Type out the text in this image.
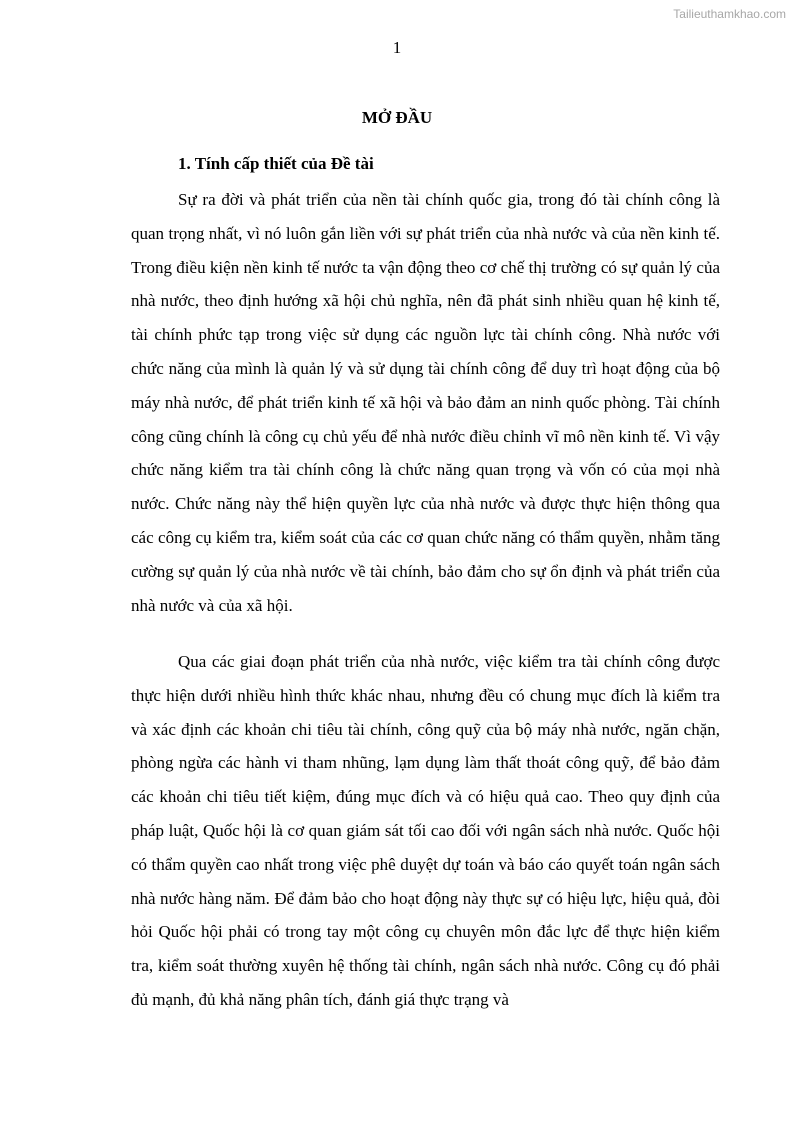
Tailieuthamkhao.com
1
MỞ ĐẦU
1. Tính cấp thiết của Đề tài

Sự ra đời và phát triển của nền tài chính quốc gia, trong đó tài chính công là quan trọng nhất, vì nó luôn gắn liền với sự phát triển của nhà nước và của nền kinh tế. Trong điều kiện nền kinh tế nước ta vận động theo cơ chế thị trường có sự quản lý của nhà nước, theo định hướng xã hội chủ nghĩa, nên đã phát sinh nhiều quan hệ kinh tế, tài chính phức tạp trong việc sử dụng các nguồn lực tài chính công. Nhà nước với chức năng của mình là quản lý và sử dụng tài chính công để duy trì hoạt động của bộ máy nhà nước, để phát triển kinh tế xã hội và bảo đảm an ninh quốc phòng. Tài chính công cũng chính là công cụ chủ yếu để nhà nước điều chỉnh vĩ mô nền kinh tế. Vì vậy chức năng kiểm tra tài chính công là chức năng quan trọng và vốn có của mọi nhà nước. Chức năng này thể hiện quyền lực của nhà nước và được thực hiện thông qua các công cụ kiểm tra, kiểm soát của các cơ quan chức năng có thẩm quyền, nhằm tăng cường sự quản lý của nhà nước về tài chính, bảo đảm cho sự ổn định và phát triển của nhà nước và của xã hội.

Qua các giai đoạn phát triển của nhà nước, việc kiểm tra tài chính công được thực hiện dưới nhiều hình thức khác nhau, nhưng đều có chung mục đích là kiểm tra và xác định các khoản chi tiêu tài chính, công quỹ của bộ máy nhà nước, ngăn chặn, phòng ngừa các hành vi tham nhũng, lạm dụng làm thất thoát công quỹ, để bảo đảm các khoản chi tiêu tiết kiệm, đúng mục đích và có hiệu quả cao. Theo quy định của pháp luật, Quốc hội là cơ quan giám sát tối cao đối với ngân sách nhà nước. Quốc hội có thẩm quyền cao nhất trong việc phê duyệt dự toán và báo cáo quyết toán ngân sách nhà nước hàng năm. Để đảm bảo cho hoạt động này thực sự có hiệu lực, hiệu quả, đòi hỏi Quốc hội phải có trong tay một công cụ chuyên môn đắc lực để thực hiện kiểm tra, kiểm soát thường xuyên hệ thống tài chính, ngân sách nhà nước. Công cụ đó phải đủ mạnh, đủ khả năng phân tích, đánh giá thực trạng và
